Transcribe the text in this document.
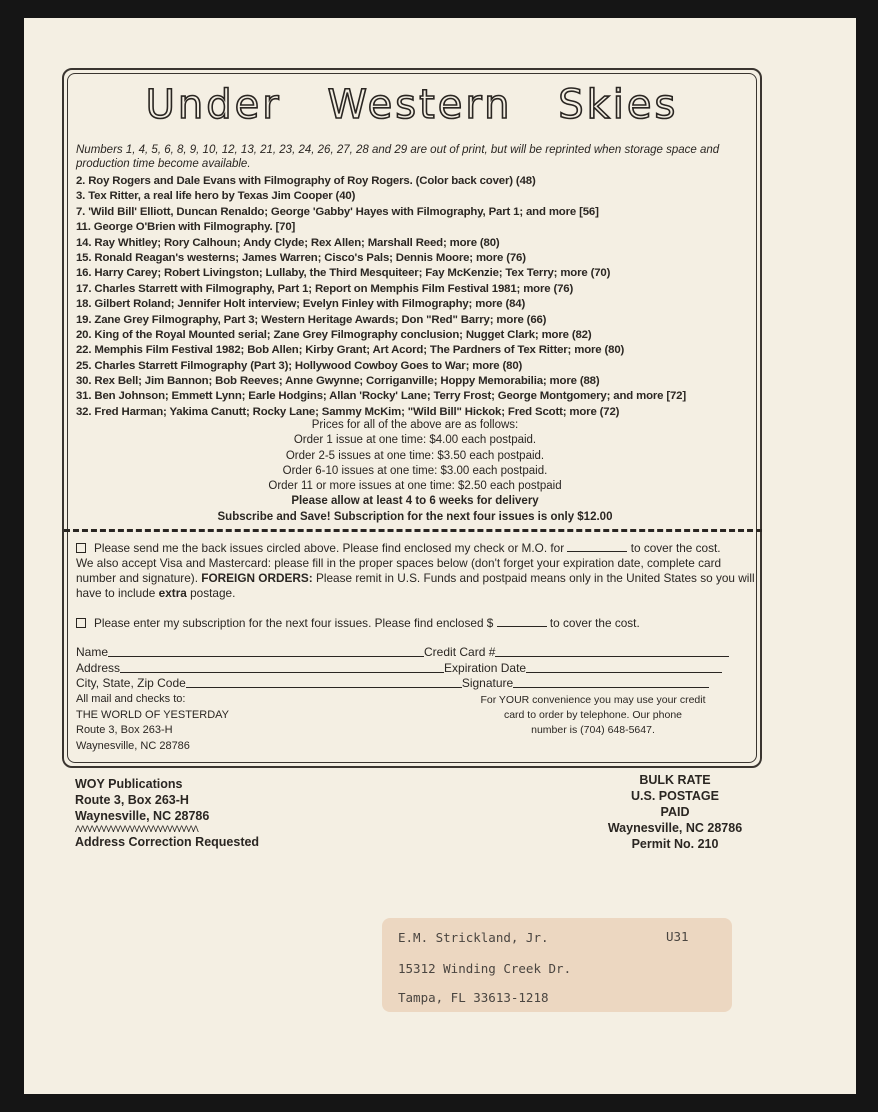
Under Western Skies

Numbers 1, 4, 5, 6, 8, 9, 10, 12, 13, 21, 23, 24, 26, 27, 28 and 29 are out of print, but will be reprinted when storage space and production time become available.

2. Roy Rogers and Dale Evans with Filmography of Roy Rogers. (Color back cover) (48)
3. Tex Ritter, a real life hero by Texas Jim Cooper (40)
7. 'Wild Bill' Elliott, Duncan Renaldo; George 'Gabby' Hayes with Filmography, Part 1; and more [56]
11. George O'Brien with Filmography. [70]
14. Ray Whitley; Rory Calhoun; Andy Clyde; Rex Allen; Marshall Reed; more (80)
15. Ronald Reagan's westerns; James Warren; Cisco's Pals; Dennis Moore; more (76)
16. Harry Carey; Robert Livingston; Lullaby, the Third Mesquiteer; Fay McKenzie; Tex Terry; more (70)
17. Charles Starrett with Filmography, Part 1; Report on Memphis Film Festival 1981; more (76)
18. Gilbert Roland; Jennifer Holt interview; Evelyn Finley with Filmography; more (84)
19. Zane Grey Filmography, Part 3; Western Heritage Awards; Don "Red" Barry; more (66)
20. King of the Royal Mounted serial; Zane Grey Filmography conclusion; Nugget Clark; more (82)
22. Memphis Film Festival 1982; Bob Allen; Kirby Grant; Art Acord; The Pardners of Tex Ritter; more (80)
25. Charles Starrett Filmography (Part 3); Hollywood Cowboy Goes to War; more (80)
30. Rex Bell; Jim Bannon; Bob Reeves; Anne Gwynne; Corriganville; Hoppy Memorabilia; more (88)
31. Ben Johnson; Emmett Lynn; Earle Hodgins; Allan 'Rocky' Lane; Terry Frost; George Montgomery; and more [72]
32. Fred Harman; Yakima Canutt; Rocky Lane; Sammy McKim; "Wild Bill" Hickok; Fred Scott; more (72)
Prices for all of the above are as follows:
Order 1 issue at one time: $4.00 each postpaid.
Order 2-5 issues at one time: $3.50 each postpaid.
Order 6-10 issues at one time: $3.00 each postpaid.
Order 11 or more issues at one time: $2.50 each postpaid
Please allow at least 4 to 6 weeks for delivery
Subscribe and Save! Subscription for the next four issues is only $12.00
Please send me the back issues circled above. Please find enclosed my check or M.O. for	to cover the cost.
We also accept Visa and Mastercard: please fill in the proper spaces below (don't forget your expiration date, complete card number and signature). FOREIGN ORDERS: Please remit in U.S. Funds and postpaid means only in the United States so you will have to include extra postage.
Please enter my subscription for the next four issues. Please find enclosed $	to cover the cost.
Name	Credit Card #
Address	Expiration Date
City, State, Zip Code	Signature
All mail and checks to:
THE WORLD OF YESTERDAY
Route 3, Box 263-H
Waynesville, NC 28786
For YOUR convenience you may use your credit
card to order by telephone. Our phone
number is (704) 648-5647.
WOY Publications
Route 3, Box 263-H
Waynesville, NC 28786
ΛΛΛΛΛΛΛΛΛΛΛΛΛΛΛΛΛΛΛΛΛΛΛΛΛΛ
Address Correction Requested
BULK RATE
U.S. POSTAGE
PAID
Waynesville, NC 28786
Permit No. 210
E.M. Strickland, Jr.	U31
15312 Winding Creek Dr.
Tampa, FL 33613-1218
